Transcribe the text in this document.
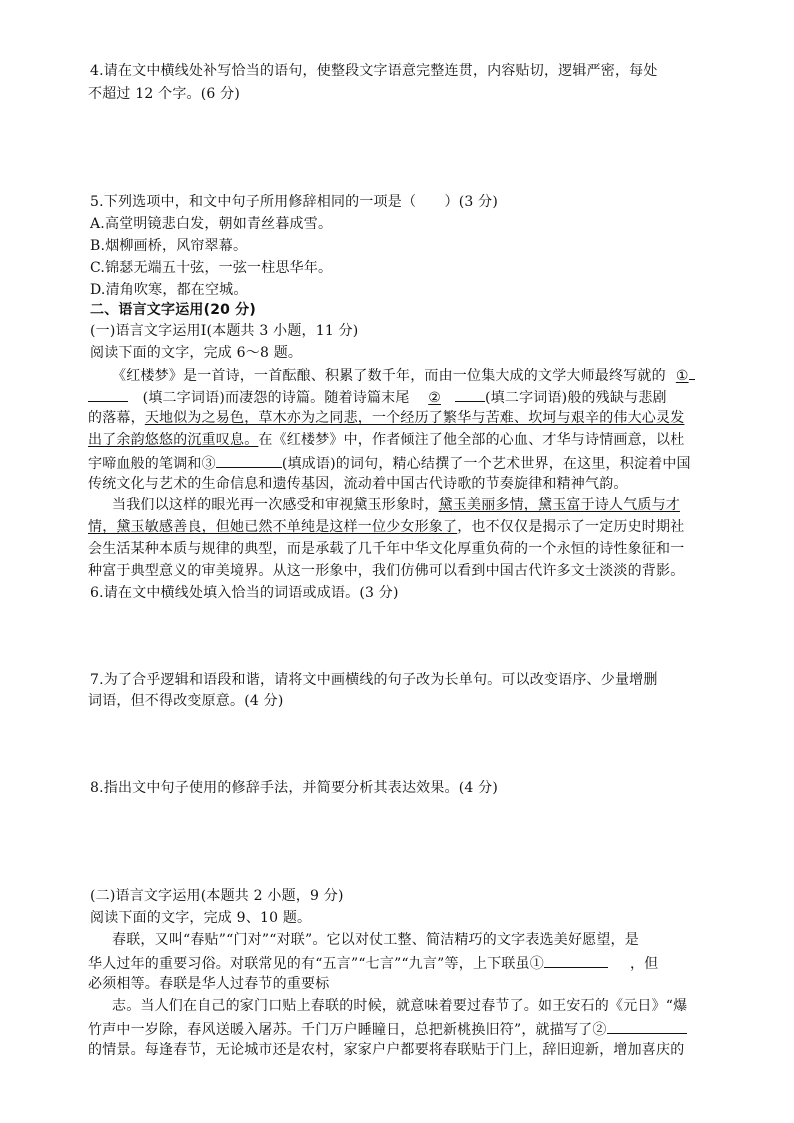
4.请在文中横线处补写恰当的语句，使整段文字语意完整连贯，内容贴切，逻辑严密，每处
不超过 12 个字。(6 分)
5.下列选项中，和文中句子所用修辞相同的一项是（　　）(3 分)
A.高堂明镜悲白发，朝如青丝暮成雪。
B.烟柳画桥，风帘翠幕。
C.锦瑟无端五十弦，一弦一柱思华年。
D.清角吹寒，都在空城。
二、语言文字运用(20 分)
(一)语言文字运用Ⅰ(本题共 3 小题，11 分)
阅读下面的文字，完成 6～8 题。
《红楼梦》是一首诗，一首酝酿、积累了数千年，而由一位集大成的文学大师最终写就的 ①
(填二字词语)而凄怨的诗篇。随着诗篇末尾 ②	(填二字词语)般的残缺与悲剧
的落幕，天地似为之易色，草木亦为之同悲，一个经历了繁华与苦难、坎坷与艰辛的伟大心灵发
出了余韵悠悠的沉重叹息。在《红楼梦》中，作者倾注了他全部的心血、才华与诗情画意，以杜
宇啼血般的笔调和③	(填成语)的词句，精心结撰了一个艺术世界，在这里，积淀着中国
传统文化与艺术的生命信息和遗传基因，流动着中国古代诗歌的节奏旋律和精神气韵。
当我们以这样的眼光再一次感受和审视黛玉形象时，黛玉美丽多情，黛玉富于诗人气质与才
情，黛玉敏感善良，但她已然不单纯是这样一位少女形象了，也不仅仅是揭示了一定历史时期社
会生活某种本质与规律的典型，而是承载了几千年中华文化厚重负荷的一个永恒的诗性象征和一
种富于典型意义的审美境界。从这一形象中，我们仿佛可以看到中国古代许多文士淡淡的背影。
6.请在文中横线处填入恰当的词语或成语。(3 分)
7.为了合乎逻辑和语段和谐，请将文中画横线的句子改为长单句。可以改变语序、少量增删
词语，但不得改变原意。(4 分)
8.指出文中句子使用的修辞手法，并简要分析其表达效果。(4 分)
(二)语言文字运用(本题共 2 小题，9 分)
阅读下面的文字，完成 9、10 题。
春联，又叫“春贴”“门对”“对联”。它以对仗工整、简洁精巧的文字表选美好愿望，是
华人过年的重要习俗。对联常见的有“五言”“七言”“九言”等，上下联虽①	，但
必须相等。春联是华人过春节的重要标
志。当人们在自己的家门口贴上春联的时候，就意味着要过春节了。如王安石的《元日》“爆
竹声中一岁除，春风送暖入屠苏。千门万户睡瞳日，总把新桃换旧符”，就描写了②
的情景。每逢春节，无论城市还是农村，家家户户都要将春联贴于门上，辞旧迎新，增加喜庆的
